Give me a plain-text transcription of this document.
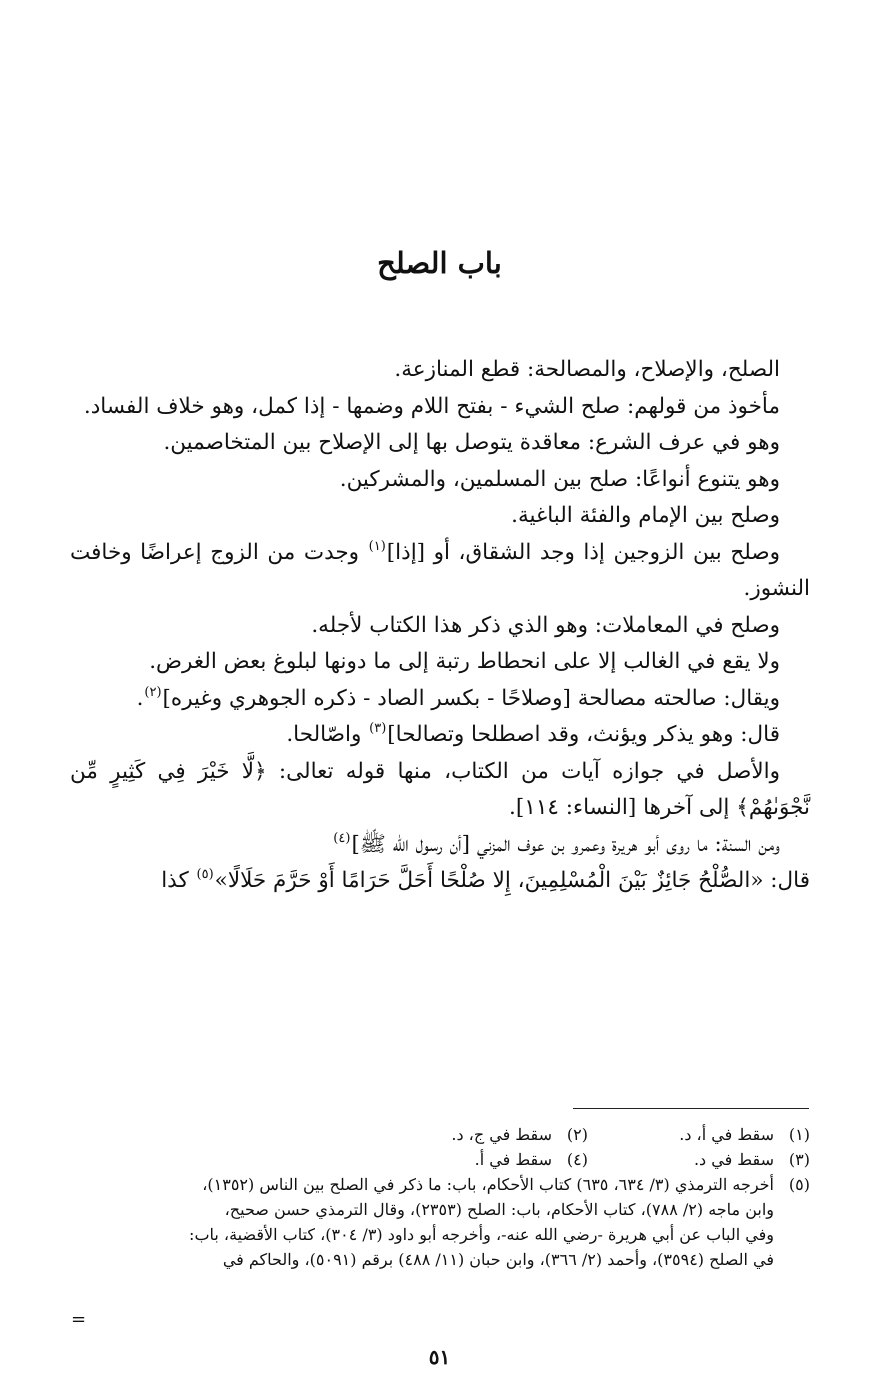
باب الصلح

الصلح، والإصلاح، والمصالحة: قطع المنازعة.

مأخوذ من قولهم: صلح الشيء - بفتح اللام وضمها - إذا كمل، وهو خلاف الفساد.

وهو في عرف الشرع: معاقدة يتوصل بها إلى الإصلاح بين المتخاصمين.

وهو يتنوع أنواعًا: صلح بين المسلمين، والمشركين.

وصلح بين الإمام والفئة الباغية.

وصلح بين الزوجين إذا وجد الشقاق، أو [إذا]$^{(١)}$ وجدت من الزوج إعراضًا وخافت النشوز.

وصلح في المعاملات: وهو الذي ذكر هذا الكتاب لأجله.

ولا يقع في الغالب إلا على انحطاط رتبة إلى ما دونها لبلوغ بعض الغرض.

ويقال: صالحته مصالحة [وصلاحًا - بكسر الصاد - ذكره الجوهري وغيره]$^{(٢)}$.

قال: وهو يذكر ويؤنث، وقد اصطلحا وتصالحا]$^{(٣)}$ واصّالحا.

والأصل في جوازه آيات من الكتاب، منها قوله تعالى: ﴿لَّا خَيْرَ فِي كَثِيرٍ مِّن نَّجْوَىٰهُمْ﴾ إلى آخرها [النساء: ١١٤].

ومن السنة: ما روى أبو هريرة وعمرو بن عوف المزني [أن رسول الله ﷺ]$^{(٤)}$

قال: «الصُّلْحُ جَائِزٌ بَيْنَ الْمُسْلِمِينَ، إِلا صُلْحًا أَحَلَّ حَرَامًا أَوْ حَرَّمَ حَلَالًا»$^{(٥)}$ كذا

(١)
سقط في أ، د.
(٢)
سقط في ج، د.
(٣)
سقط في د.
(٤)
سقط في أ.
(٥)
أخرجه الترمذي (٣/ ٦٣٤، ٦٣٥) كتاب الأحكام، باب: ما ذكر في الصلح بين الناس (١٣٥٢)،
وابن ماجه (٢/ ٧٨٨)، كتاب الأحكام، باب: الصلح (٢٣٥٣)، وقال الترمذي حسن صحيح،
وفي الباب عن أبي هريرة -رضي الله عنه-، وأخرجه أبو داود (٣/ ٣٠٤)، كتاب الأقضية، باب:
في الصلح (٣٥٩٤)، وأحمد (٢/ ٣٦٦)، وابن حبان (١١/ ٤٨٨) برقم (٥٠٩١)، والحاكم في
=
٥١
